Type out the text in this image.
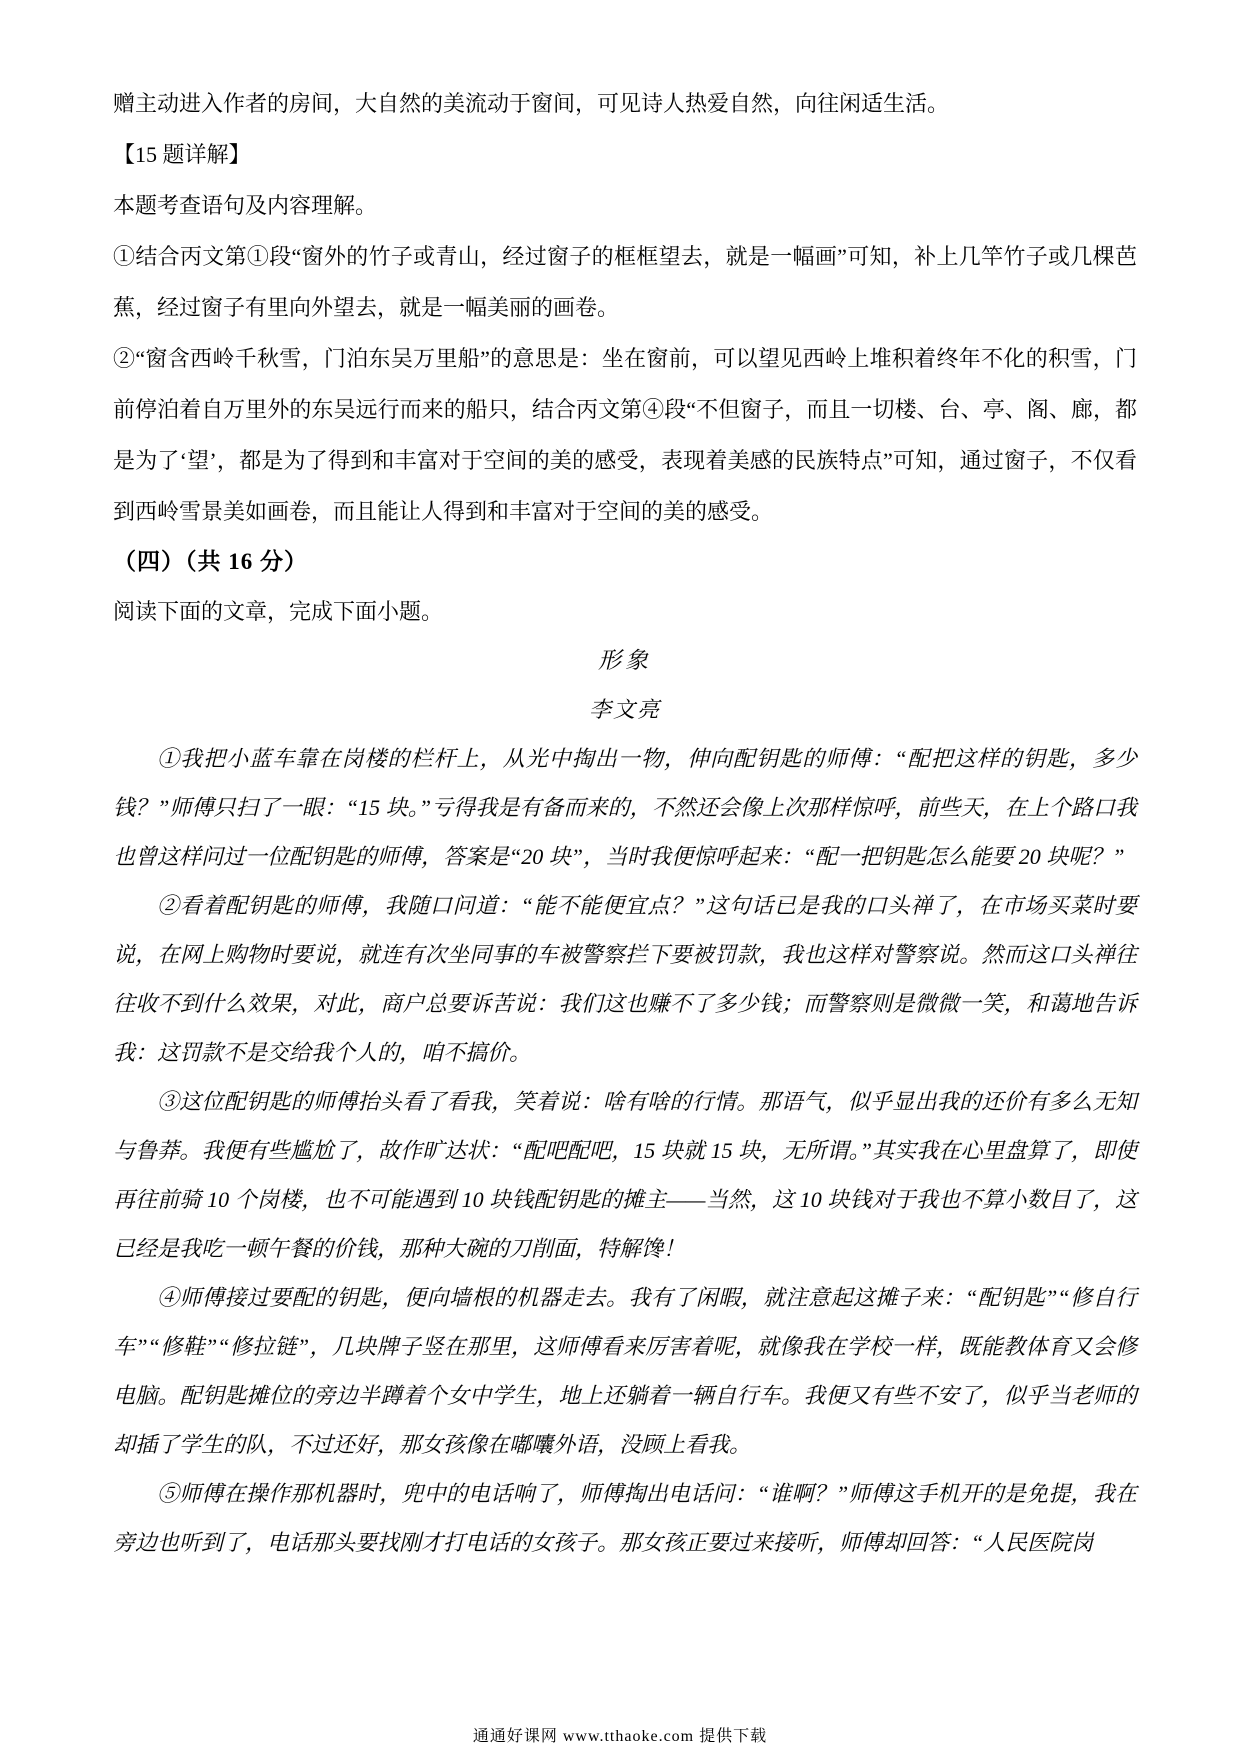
赠主动进入作者的房间，大自然的美流动于窗间，可见诗人热爱自然，向往闲适生活。

【15 题详解】

本题考查语句及内容理解。

①结合丙文第①段“窗外的竹子或青山，经过窗子的框框望去，就是一幅画”可知，补上几竿竹子或几棵芭蕉，经过窗子有里向外望去，就是一幅美丽的画卷。

②“窗含西岭千秋雪，门泊东吴万里船”的意思是：坐在窗前，可以望见西岭上堆积着终年不化的积雪，门前停泊着自万里外的东吴远行而来的船只，结合丙文第④段“不但窗子，而且一切楼、台、亭、阁、廊，都是为了‘望’，都是为了得到和丰富对于空间的美的感受，表现着美感的民族特点”可知，通过窗子，不仅看到西岭雪景美如画卷，而且能让人得到和丰富对于空间的美的感受。

（四）（共 16 分）

阅读下面的文章，完成下面小题。

形象

李文亮

①我把小蓝车靠在岗楼的栏杆上，从光中掏出一物，伸向配钥匙的师傅：“配把这样的钥匙，多少钱？”师傅只扫了一眼：“15 块。”亏得我是有备而来的，不然还会像上次那样惊呼，前些天，在上个路口我也曾这样问过一位配钥匙的师傅，答案是“20 块”，当时我便惊呼起来：“配一把钥匙怎么能要 20 块呢？”

②看着配钥匙的师傅，我随口问道：“能不能便宜点？”这句话已是我的口头禅了，在市场买菜时要说，在网上购物时要说，就连有次坐同事的车被警察拦下要被罚款，我也这样对警察说。然而这口头禅往往收不到什么效果，对此，商户总要诉苦说：我们这也赚不了多少钱；而警察则是微微一笑，和蔼地告诉我：这罚款不是交给我个人的，咱不搞价。

③这位配钥匙的师傅抬头看了看我，笑着说：啥有啥的行情。那语气，似乎显出我的还价有多么无知与鲁莽。我便有些尴尬了，故作旷达状：“配吧配吧，15 块就 15 块，无所谓。”其实我在心里盘算了，即使再往前骑 10 个岗楼，也不可能遇到 10 块钱配钥匙的摊主——当然，这 10 块钱对于我也不算小数目了，这已经是我吃一顿午餐的价钱，那种大碗的刀削面，特解馋！

④师傅接过要配的钥匙，便向墙根的机器走去。我有了闲暇，就注意起这摊子来：“配钥匙”“修自行车”“修鞋”“修拉链”，几块牌子竖在那里，这师傅看来厉害着呢，就像我在学校一样，既能教体育又会修电脑。配钥匙摊位的旁边半蹲着个女中学生，地上还躺着一辆自行车。我便又有些不安了，似乎当老师的却插了学生的队，不过还好，那女孩像在嘟囔外语，没顾上看我。

⑤师傅在操作那机器时，兜中的电话响了，师傅掏出电话问：“谁啊？”师傅这手机开的是免提，我在旁边也听到了，电话那头要找刚才打电话的女孩子。那女孩正要过来接听，师傅却回答：“人民医院岗

通通好课网 www.tthaoke.com 提供下载
